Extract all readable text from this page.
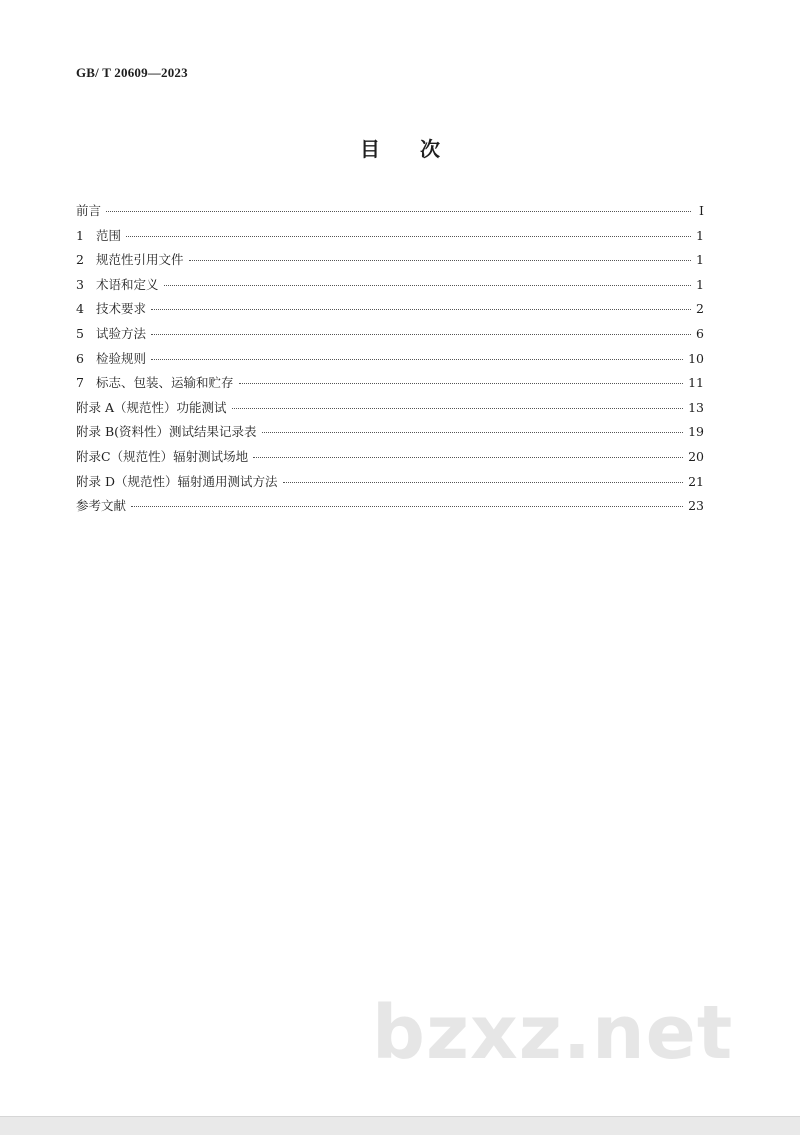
GB/ T 20609—2023
目 次
前言	I
1 范围	1
2 规范性引用文件	1
3 术语和定义	1
4 技术要求	2
5 试验方法	6
6 检验规则	10
7 标志、包装、运输和贮存	11
附录 A（规范性）功能测试	13
附录 B(资料性）测试结果记录表	19
附录C（规范性）辐射测试场地	20
附录 D（规范性）辐射通用测试方法	21
参考文献	23
bzxz.net
